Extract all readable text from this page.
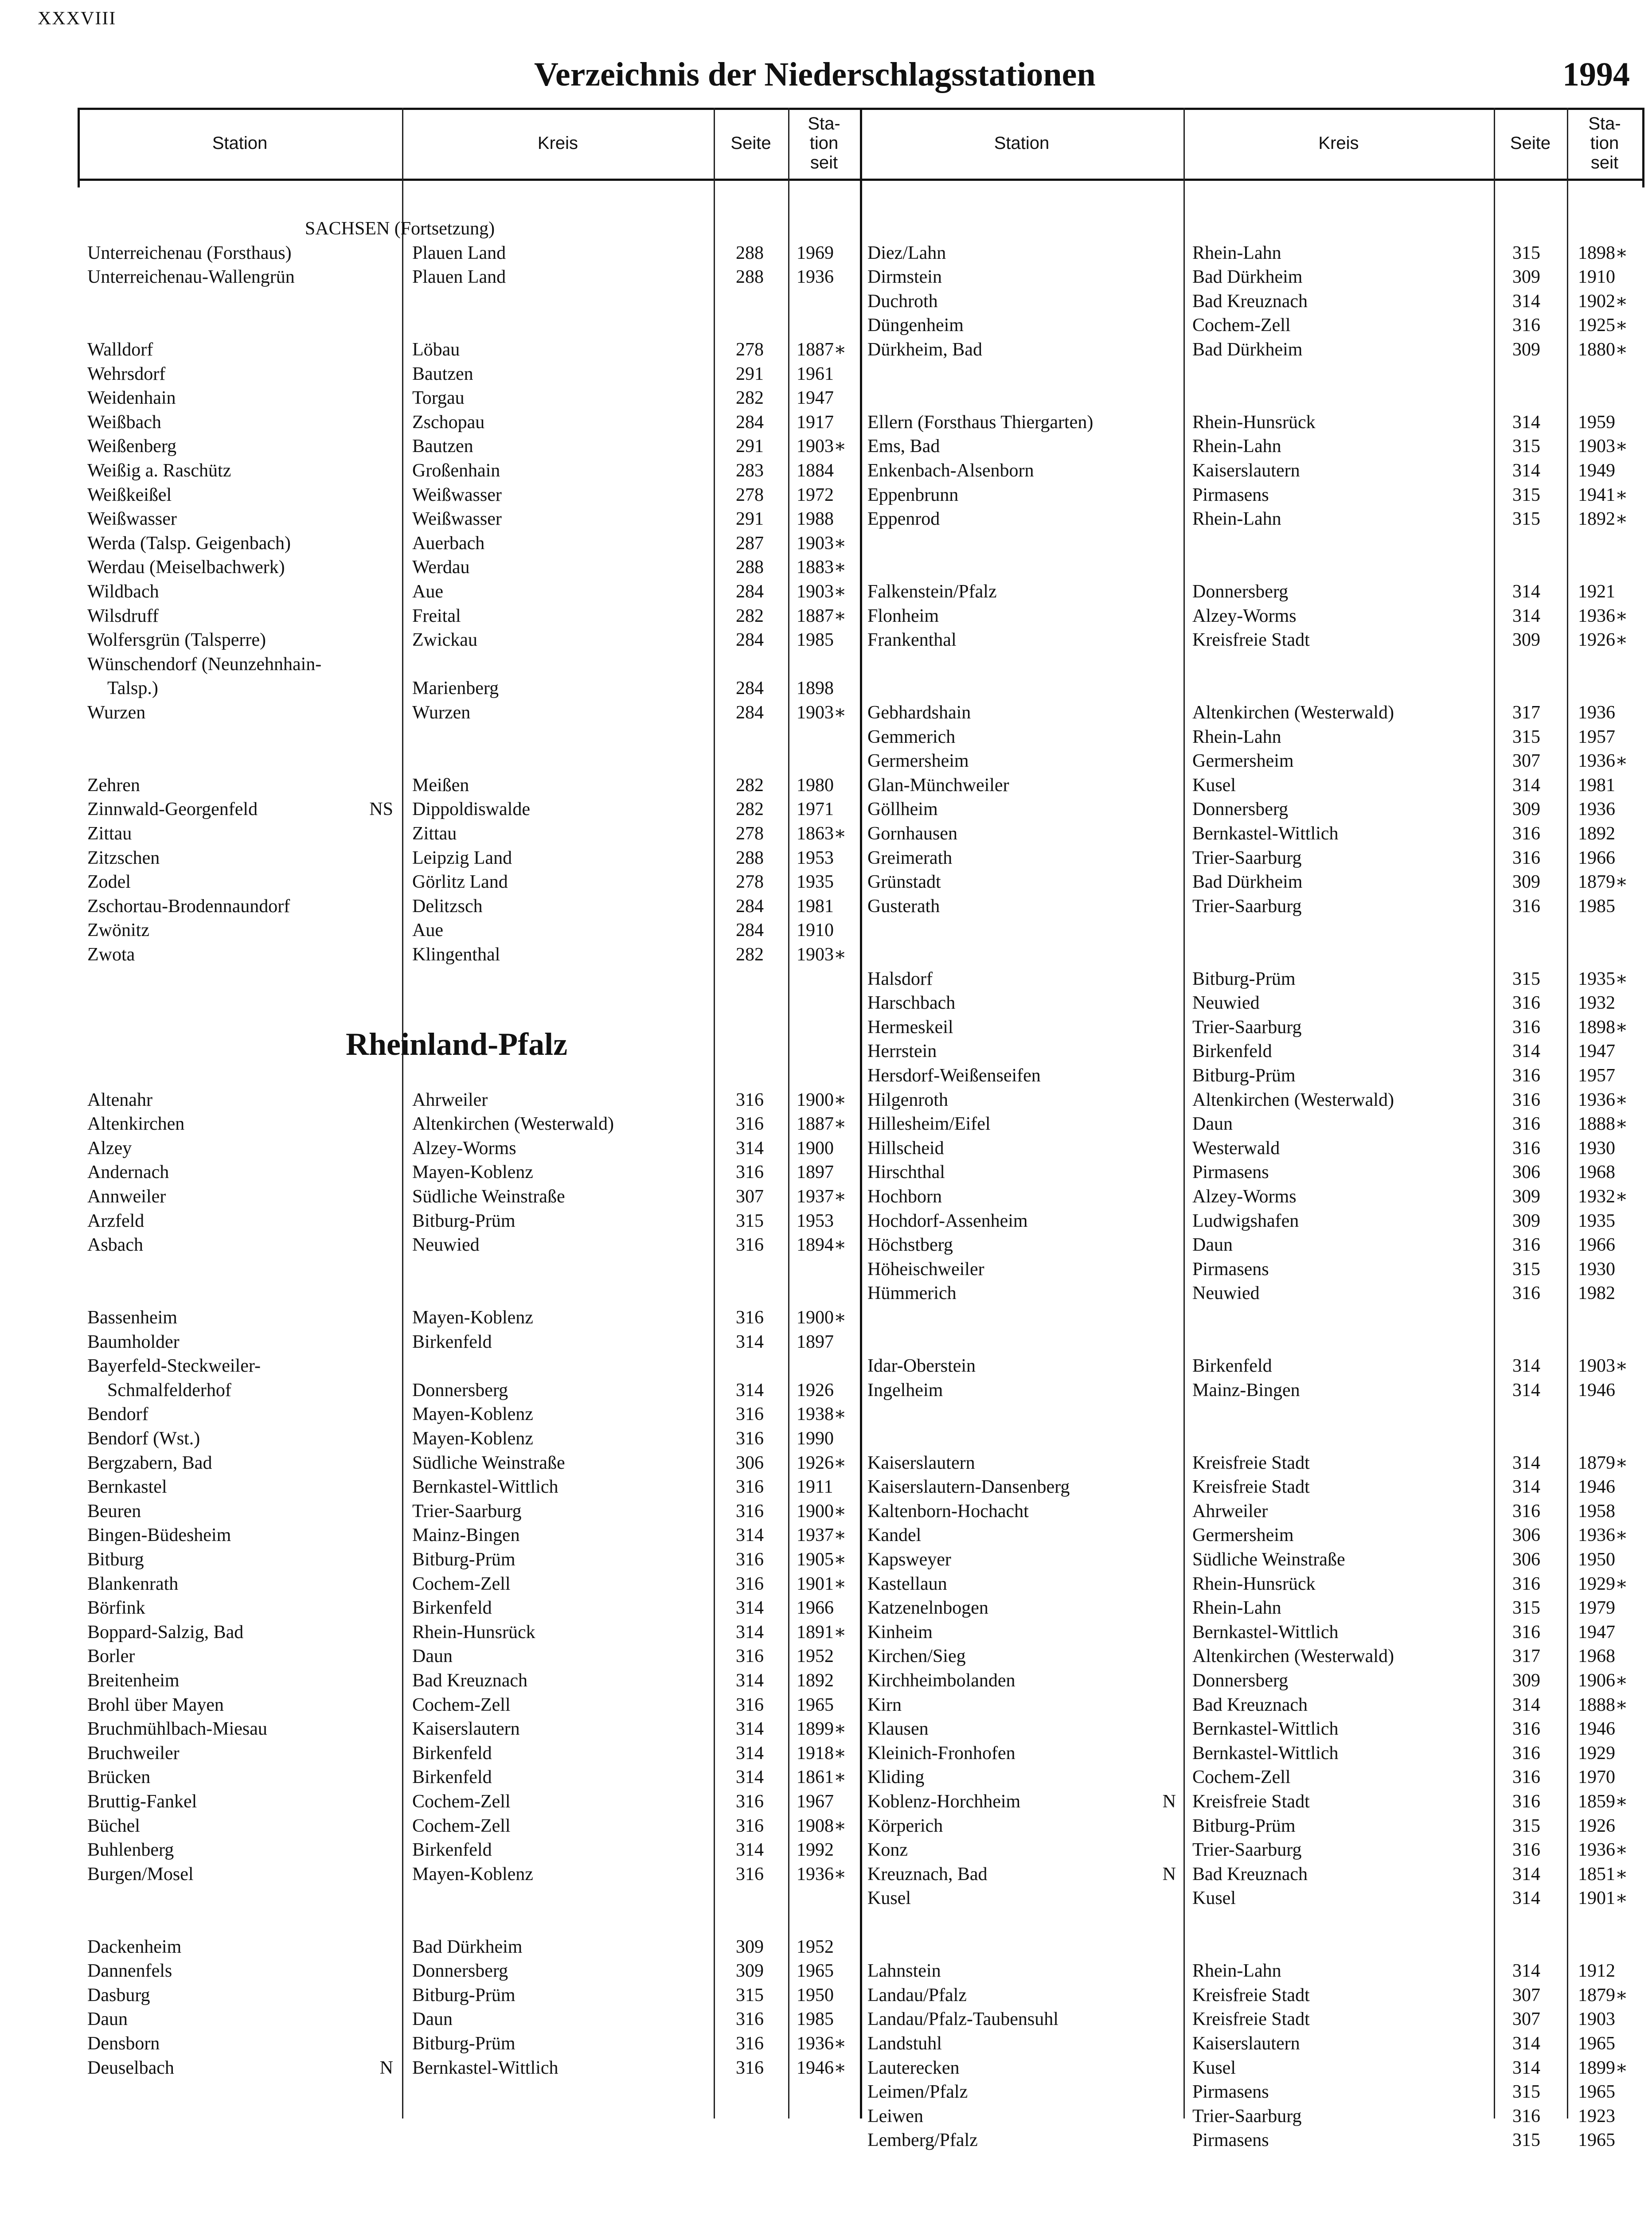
XXXVIII
Verzeichnis der Niederschlagsstationen	1994
Station	Kreis	Seite
Sta-
tion
seit
Station	Kreis	Seite
Sta-
tion
seit
SACHSEN (Fortsetzung)
Unterreichenau (Forsthaus)	Plauen Land	288 1969
Unterreichenau-Wallengrün	Plauen Land	288 1936
Walldorf	Löbau	278 1887∗
Wehrsdorf	Bautzen	291 1961
Weidenhain	Torgau	282 1947
Weißbach	Zschopau	284 1917
Weißenberg	Bautzen	291 1903∗
Weißig a. Raschütz	Großenhain	283 1884
Weißkeißel	Weißwasser	278 1972
Weißwasser	Weißwasser	291 1988
Werda (Talsp. Geigenbach)	Auerbach	287 1903∗
Werdau (Meiselbachwerk)	Werdau	288 1883∗
Wildbach	Aue	284 1903∗
Wilsdruff	Freital	282 1887∗
Wolfersgrün (Talsperre)	Zwickau	284 1985
Wünschendorf (Neunzehnhain-
Talsp.)	Marienberg	284 1898
Wurzen	Wurzen	284 1903∗
Zehren	Meißen	282 1980
Zinnwald-Georgenfeld	NS Dippoldiswalde	282 1971
Zittau	Zittau	278 1863∗
Zitzschen	Leipzig Land	288 1953
Zodel	Görlitz Land	278 1935
Zschortau-Brodennaundorf	Delitzsch	284 1981
Zwönitz	Aue	284 1910
Zwota	Klingenthal	282 1903∗
Rheinland-Pfalz
Altenahr	Ahrweiler	316 1900∗
Altenkirchen	Altenkirchen (Westerwald)	316 1887∗
Alzey	Alzey-Worms	314 1900
Andernach	Mayen-Koblenz	316 1897
Annweiler	Südliche Weinstraße	307 1937∗
Arzfeld	Bitburg-Prüm	315 1953
Asbach	Neuwied	316 1894∗
Bassenheim	Mayen-Koblenz	316 1900∗
Baumholder	Birkenfeld	314 1897
Bayerfeld-Steckweiler-
Schmalfelderhof	Donnersberg	314 1926
Bendorf	Mayen-Koblenz	316 1938∗
Bendorf (Wst.)	Mayen-Koblenz	316 1990
Bergzabern, Bad	Südliche Weinstraße	306 1926∗
Bernkastel	Bernkastel-Wittlich	316 1911
Beuren	Trier-Saarburg	316 1900∗
Bingen-Büdesheim	Mainz-Bingen	314 1937∗
Bitburg	Bitburg-Prüm	316 1905∗
Blankenrath	Cochem-Zell	316 1901∗
Börfink	Birkenfeld	314 1966
Boppard-Salzig, Bad	Rhein-Hunsrück	314 1891∗
Borler	Daun	316 1952
Breitenheim	Bad Kreuznach	314 1892
Brohl über Mayen	Cochem-Zell	316 1965
Bruchmühlbach-Miesau	Kaiserslautern	314 1899∗
Bruchweiler	Birkenfeld	314 1918∗
Brücken	Birkenfeld	314 1861∗
Bruttig-Fankel	Cochem-Zell	316 1967
Büchel	Cochem-Zell	316 1908∗
Buhlenberg	Birkenfeld	314 1992
Burgen/Mosel	Mayen-Koblenz	316 1936∗
Dackenheim	Bad Dürkheim	309 1952
Dannenfels	Donnersberg	309 1965
Dasburg	Bitburg-Prüm	315 1950
Daun	Daun	316 1985
Densborn	Bitburg-Prüm	316 1936∗
Deuselbach	N Bernkastel-Wittlich	316 1946∗
Diez/Lahn	Rhein-Lahn	315 1898∗
Dirmstein	Bad Dürkheim	309 1910
Duchroth	Bad Kreuznach	314 1902∗
Düngenheim	Cochem-Zell	316 1925∗
Dürkheim, Bad	Bad Dürkheim	309 1880∗
Ellern (Forsthaus Thiergarten)	Rhein-Hunsrück	314 1959
Ems, Bad	Rhein-Lahn	315 1903∗
Enkenbach-Alsenborn	Kaiserslautern	314 1949
Eppenbrunn	Pirmasens	315 1941∗
Eppenrod	Rhein-Lahn	315 1892∗
Falkenstein/Pfalz	Donnersberg	314 1921
Flonheim	Alzey-Worms	314 1936∗
Frankenthal	Kreisfreie Stadt	309 1926∗
Gebhardshain	Altenkirchen (Westerwald)	317 1936
Gemmerich	Rhein-Lahn	315 1957
Germersheim	Germersheim	307 1936∗
Glan-Münchweiler	Kusel	314 1981
Göllheim	Donnersberg	309 1936
Gornhausen	Bernkastel-Wittlich	316 1892
Greimerath	Trier-Saarburg	316 1966
Grünstadt	Bad Dürkheim	309 1879∗
Gusterath	Trier-Saarburg	316 1985
Halsdorf	Bitburg-Prüm	315 1935∗
Harschbach	Neuwied	316 1932
Hermeskeil	Trier-Saarburg	316 1898∗
Herrstein	Birkenfeld	314 1947
Hersdorf-Weißenseifen	Bitburg-Prüm	316 1957
Hilgenroth	Altenkirchen (Westerwald)	316 1936∗
Hillesheim/Eifel	Daun	316 1888∗
Hillscheid	Westerwald	316 1930
Hirschthal	Pirmasens	306 1968
Hochborn	Alzey-Worms	309 1932∗
Hochdorf-Assenheim	Ludwigshafen	309 1935
Höchstberg	Daun	316 1966
Höheischweiler	Pirmasens	315 1930
Hümmerich	Neuwied	316 1982
Idar-Oberstein	Birkenfeld	314 1903∗
Ingelheim	Mainz-Bingen	314 1946
Kaiserslautern	Kreisfreie Stadt	314 1879∗
Kaiserslautern-Dansenberg	Kreisfreie Stadt	314 1946
Kaltenborn-Hochacht	Ahrweiler	316 1958
Kandel	Germersheim	306 1936∗
Kapsweyer	Südliche Weinstraße	306 1950
Kastellaun	Rhein-Hunsrück	316 1929∗
Katzenelnbogen	Rhein-Lahn	315 1979
Kinheim	Bernkastel-Wittlich	316 1947
Kirchen/Sieg	Altenkirchen (Westerwald)	317 1968
Kirchheimbolanden	Donnersberg	309 1906∗
Kirn	Bad Kreuznach	314 1888∗
Klausen	Bernkastel-Wittlich	316 1946
Kleinich-Fronhofen	Bernkastel-Wittlich	316 1929
Kliding	Cochem-Zell	316 1970
Koblenz-Horchheim	N Kreisfreie Stadt	316 1859∗
Körperich	Bitburg-Prüm	315 1926
Konz	Trier-Saarburg	316 1936∗
Kreuznach, Bad	N Bad Kreuznach	314 1851∗
Kusel	Kusel	314 1901∗
Lahnstein	Rhein-Lahn	314 1912
Landau/Pfalz	Kreisfreie Stadt	307 1879∗
Landau/Pfalz-Taubensuhl	Kreisfreie Stadt	307 1903
Landstuhl	Kaiserslautern	314 1965
Lauterecken	Kusel	314 1899∗
Leimen/Pfalz	Pirmasens	315 1965
Leiwen	Trier-Saarburg	316 1923
Lemberg/Pfalz	Pirmasens	315 1965
